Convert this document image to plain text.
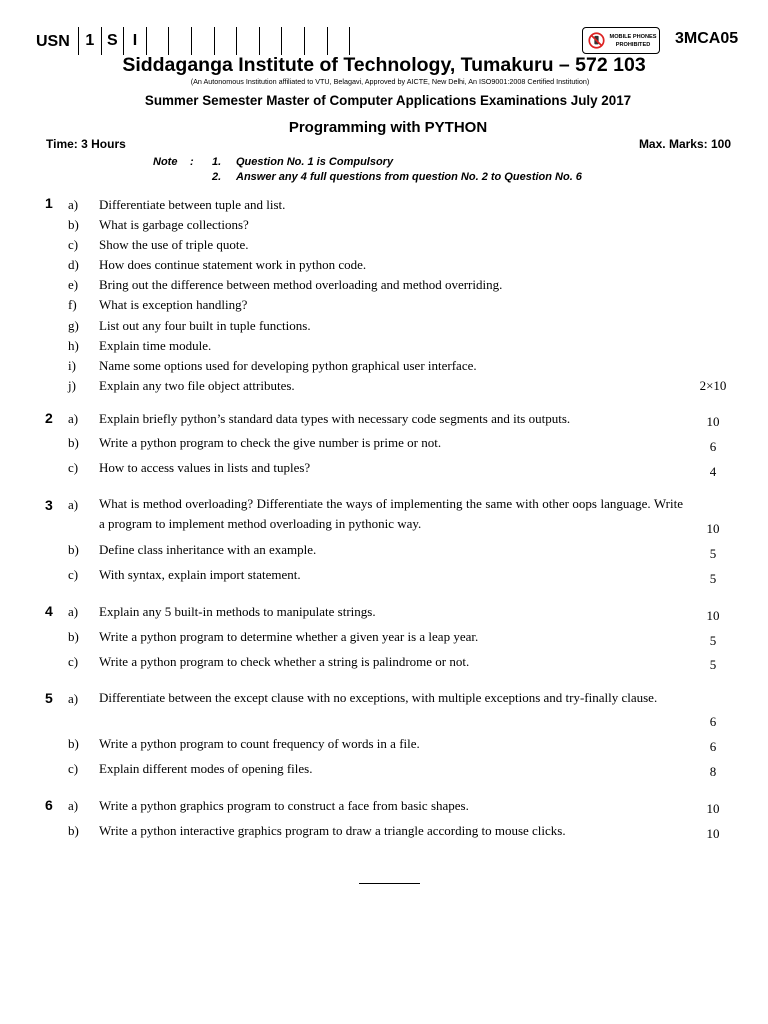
USN 1 S I	MOBILE PHONES
PROHIBITED	3MCA05
Siddaganga Institute of Technology, Tumakuru – 572 103
(An Autonomous Institution affiliated to VTU, Belagavi, Approved by AICTE, New Delhi, An ISO9001:2008 Certified Institution)
Summer Semester Master of Computer Applications Examinations July 2017
Programming with PYTHON
Time: 3 Hours	Max. Marks: 100
Note : 1. Question No. 1 is Compulsory
2. Answer any 4 full questions from question No. 2 to Question No. 6
1 a) Differentiate between tuple and list.
b) What is garbage collections?
c) Show the use of triple quote.
d) How does continue statement work in python code.
e) Bring out the difference between method overloading and method overriding.
f) What is exception handling?
g) List out any four built in tuple functions.
h) Explain time module.
i) Name some options used for developing python graphical user interface.
j) Explain any two file object attributes.	2×10
2 a) Explain briefly python’s standard data types with necessary code segments and its outputs.	10
b) Write a python program to check the give number is prime or not.	6
c) How to access values in lists and tuples?	4
3 a) What is method overloading? Differentiate the ways of implementing the same with other oops language. Write a program to implement method overloading in pythonic way.	10
b) Define class inheritance with an example.	5
c) With syntax, explain import statement.	5
4 a) Explain any 5 built-in methods to manipulate strings.	10
b) Write a python program to determine whether a given year is a leap year.	5
c) Write a python program to check whether a string is palindrome or not.	5
5 a) Differentiate between the except clause with no exceptions, with multiple exceptions and try-finally clause.
6
b) Write a python program to count frequency of words in a file.	6
c) Explain different modes of opening files.	8
6 a) Write a python graphics program to construct a face from basic shapes.	10
b) Write a python interactive graphics program to draw a triangle according to mouse clicks.	10
